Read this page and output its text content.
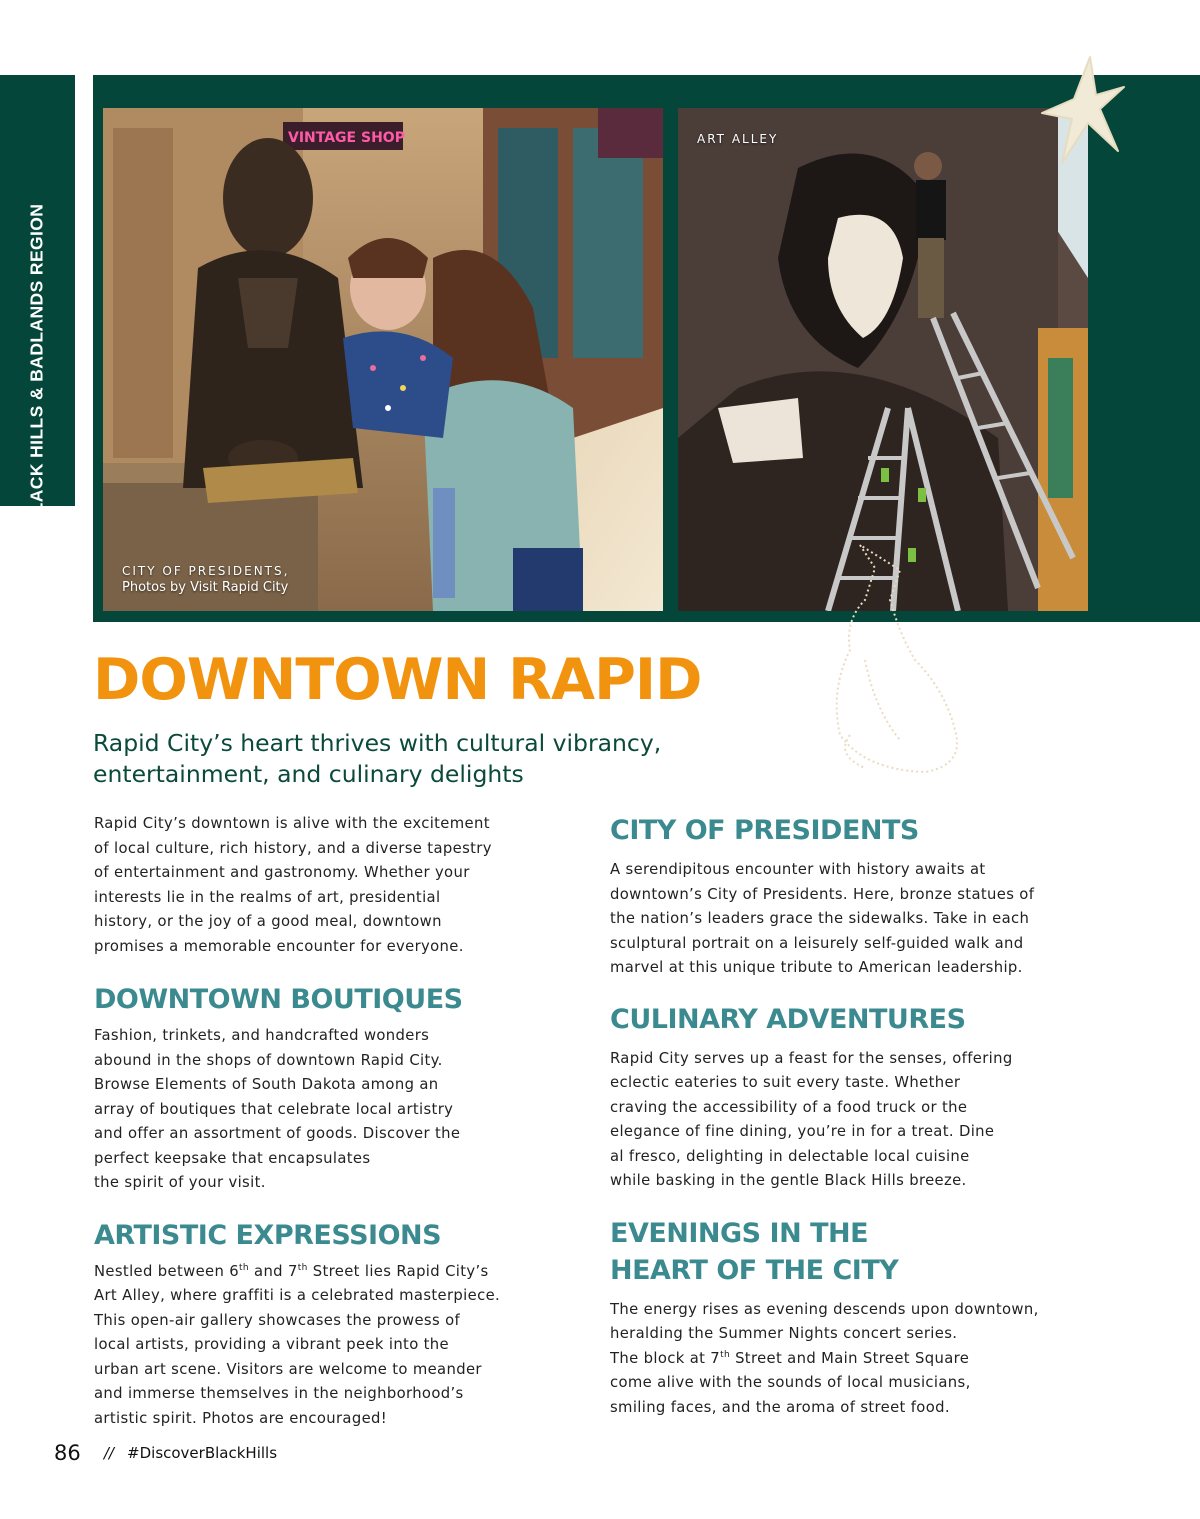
BLACK HILLS & BADLANDS REGION
VINTAGE SHOP
CITY OF PRESIDENTS,
Photos by Visit Rapid City
ART ALLEY
DOWNTOWN RAPID

Rapid City’s heart thrives with cultural vibrancy, entertainment, and culinary delights

Rapid City’s downtown is alive with the excitement
of local culture, rich history, and a diverse tapestry
of entertainment and gastronomy. Whether your
interests lie in the realms of art, presidential
history, or the joy of a good meal, downtown
promises a memorable encounter for everyone.

DOWNTOWN BOUTIQUES

Fashion, trinkets, and handcrafted wonders
abound in the shops of downtown Rapid City.
Browse Elements of South Dakota among an
array of boutiques that celebrate local artistry
and offer an assortment of goods. Discover the
perfect keepsake that encapsulates
the spirit of your visit.

ARTISTIC EXPRESSIONS

Nestled between 6th and 7th Street lies Rapid City’s
Art Alley, where graffiti is a celebrated masterpiece.
This open-air gallery showcases the prowess of
local artists, providing a vibrant peek into the
urban art scene. Visitors are welcome to meander
and immerse themselves in the neighborhood’s
artistic spirit. Photos are encouraged!

CITY OF PRESIDENTS

A serendipitous encounter with history awaits at
downtown’s City of Presidents. Here, bronze statues of
the nation’s leaders grace the sidewalks. Take in each
sculptural portrait on a leisurely self-guided walk and
marvel at this unique tribute to American leadership.

CULINARY ADVENTURES

Rapid City serves up a feast for the senses, offering
eclectic eateries to suit every taste. Whether
craving the accessibility of a food truck or the
elegance of fine dining, you’re in for a treat. Dine
al fresco, delighting in delectable local cuisine
while basking in the gentle Black Hills breeze.

EVENINGS IN THE
HEART OF THE CITY

The energy rises as evening descends upon downtown,
heralding the Summer Nights concert series.
The block at 7th Street and Main Street Square
come alive with the sounds of local musicians,
smiling faces, and the aroma of street food.

86 // #DiscoverBlackHills
